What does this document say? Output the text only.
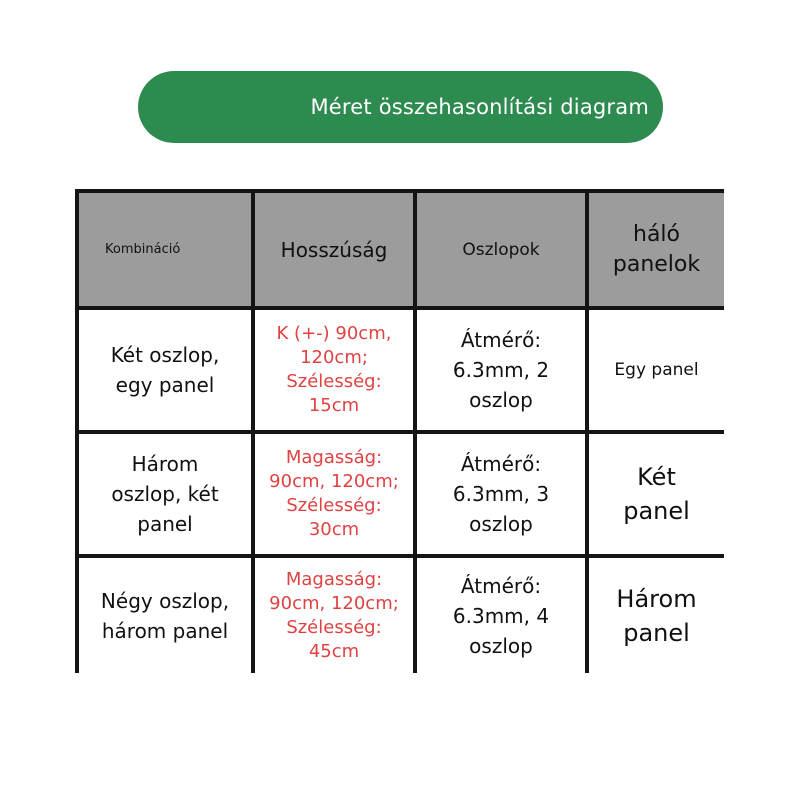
Méret összehasonlítási diagram
Kombináció	Hosszúság	Oszlopok
háló
panelok
Két oszlop,
egy panel
K (+-) 90cm,
120cm;
Szélesség:
15cm
Átmérő:
6.3mm, 2
oszlop
Egy panel
Három
oszlop, két
panel
Magasság:
90cm, 120cm;
Szélesség:
30cm
Átmérő:
6.3mm, 3
oszlop
Két
panel
Négy oszlop,
három panel
Magasság:
90cm, 120cm;
Szélesség:
45cm
Átmérő:
6.3mm, 4
oszlop
Három
panel
